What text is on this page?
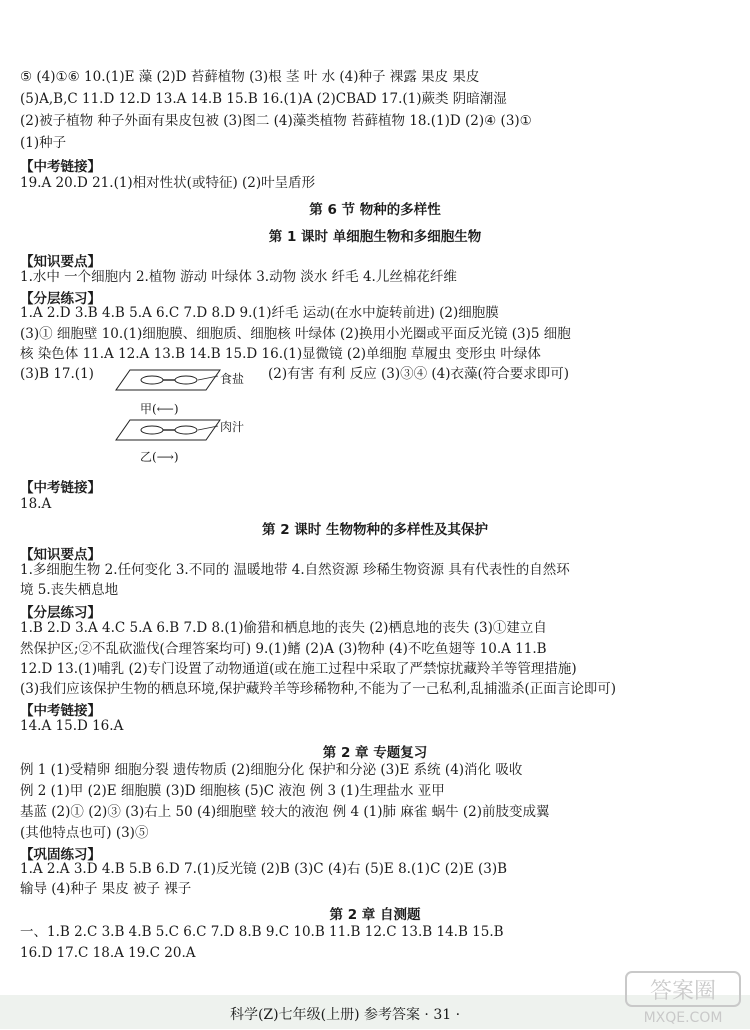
⑤ (4)①⑥ 10.(1)E 藻 (2)D 苔藓植物 (3)根 茎 叶 水 (4)种子 裸露 果皮 果皮
(5)A,B,C 11.D 12.D 13.A 14.B 15.B 16.(1)A (2)CBAD 17.(1)蕨类 阴暗潮湿
(2)被子植物 种子外面有果皮包被 (3)图二 (4)藻类植物 苔藓植物 18.(1)D (2)④ (3)①
(1)种子
【中考链接】
19.A 20.D 21.(1)相对性状(或特征) (2)叶呈盾形
第 6 节 物种的多样性
第 1 课时 单细胞生物和多细胞生物
【知识要点】
1.水中 一个细胞内 2.植物 游动 叶绿体 3.动物 淡水 纤毛 4.儿丝棉花纤维
【分层练习】
1.A 2.D 3.B 4.B 5.A 6.C 7.D 8.D 9.(1)纤毛 运动(在水中旋转前进) (2)细胞膜
(3)① 细胞壁 10.(1)细胞膜、细胞质、细胞核 叶绿体 (2)换用小光圈或平面反光镜 (3)5 细胞
核 染色体 11.A 12.A 13.B 14.B 15.D 16.(1)显微镜 (2)单细胞 草履虫 变形虫 叶绿体
(3)B 17.(1)	(2)有害 有利 反应 (3)③④ (4)衣藻(符合要求即可)
食盐
肉汁
甲(⟵)
乙(⟶)
【中考链接】
18.A
第 2 课时 生物物种的多样性及其保护
【知识要点】
1.多细胞生物 2.任何变化 3.不同的 温暖地带 4.自然资源 珍稀生物资源 具有代表性的自然环
境 5.丧失栖息地
【分层练习】
1.B 2.D 3.A 4.C 5.A 6.B 7.D 8.(1)偷猎和栖息地的丧失 (2)栖息地的丧失 (3)①建立自
然保护区;②不乱砍滥伐(合理答案均可) 9.(1)鳍 (2)A (3)物种 (4)不吃鱼翅等 10.A 11.B
12.D 13.(1)哺乳 (2)专门设置了动物通道(或在施工过程中采取了严禁惊扰藏羚羊等管理措施)
(3)我们应该保护生物的栖息环境,保护藏羚羊等珍稀物种,不能为了一己私利,乱捕滥杀(正面言论即可)
【中考链接】
14.A 15.D 16.A
第 2 章 专题复习
例 1 (1)受精卵 细胞分裂 遗传物质 (2)细胞分化 保护和分泌 (3)E 系统 (4)消化 吸收
例 2 (1)甲 (2)E 细胞膜 (3)D 细胞核 (5)C 液泡 例 3 (1)生理盐水 亚甲
基蓝 (2)① (2)③ (3)右上 50 (4)细胞壁 较大的液泡 例 4 (1)肺 麻雀 蜗牛 (2)前肢变成翼
(其他特点也可) (3)⑤
【巩固练习】
1.A 2.A 3.D 4.B 5.B 6.D 7.(1)反光镜 (2)B (3)C (4)右 (5)E 8.(1)C (2)E (3)B
输导 (4)种子 果皮 被子 裸子
第 2 章 自测题
一、1.B 2.C 3.B 4.B 5.C 6.C 7.D 8.B 9.C 10.B 11.B 12.C 13.B 14.B 15.B
16.D 17.C 18.A 19.C 20.A
科学(Z)七年级(上册) 参考答案 · 31 ·
答案圈
MXQE.COM
